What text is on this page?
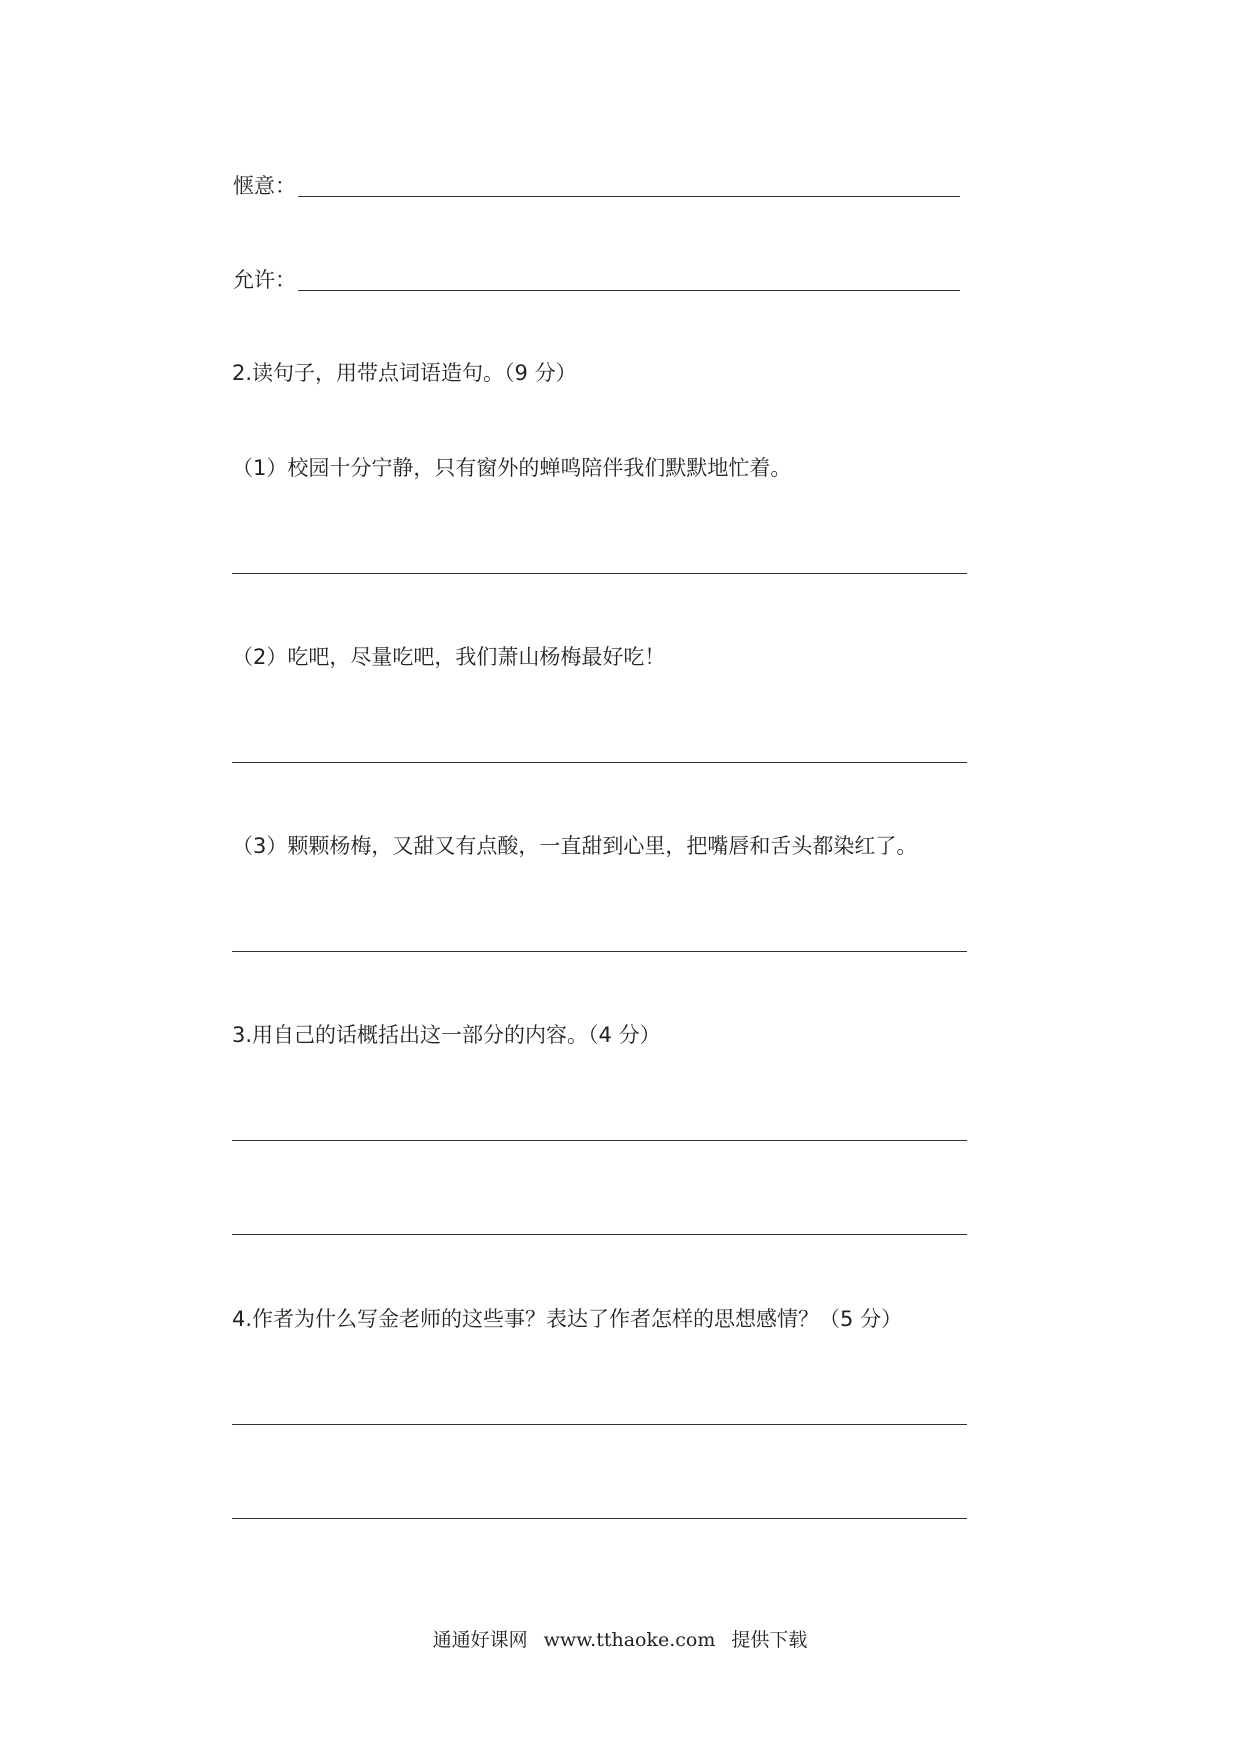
惬意：
允许：
2.读句子，用带点词语造句。（9 分）
（1）校园十分宁静，只有窗外的蝉鸣陪伴我们默默地忙着。
（2）吃吧，尽量吃吧，我们萧山杨梅最好吃！
（3）颗颗杨梅，又甜又有点酸，一直甜到心里，把嘴唇和舌头都染红了。
3.用自己的话概括出这一部分的内容。（4 分）
4.作者为什么写金老师的这些事？表达了作者怎样的思想感情？（5 分）
通通好课网 www.tthaoke.com 提供下载
